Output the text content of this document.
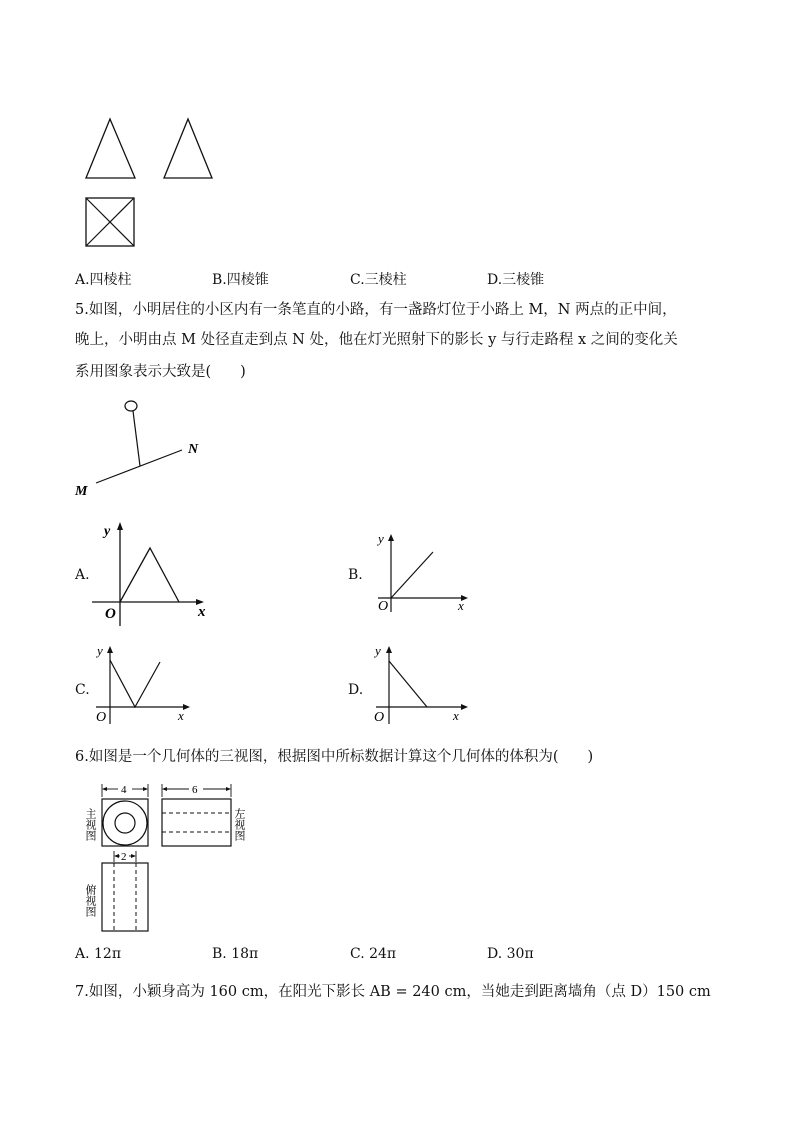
A.四棱柱	B.四棱锥	C.三棱柱	D.三棱锥
5.如图，小明居住的小区内有一条笔直的小路，有一盏路灯位于小路上 M，N 两点的正中间，
晚上，小明由点 M 处径直走到点 N 处，他在灯光照射下的影长 y 与行走路程 x 之间的变化关
系用图象表示大致是(　　)
M
N
A.
y
O	x
B.
y
O	x
C.
y
O	x
D.
y
O	x
6.如图是一个几何体的三视图，根据图中所标数据计算这个几何体的体积为(　　)
4
主视图
6
左视图
2
俯视图
A. 12π	B. 18π	C. 24π	D. 30π
7.如图，小颖身高为 160 cm，在阳光下影长 AB = 240 cm，当她走到距离墙角（点 D）150 cm
